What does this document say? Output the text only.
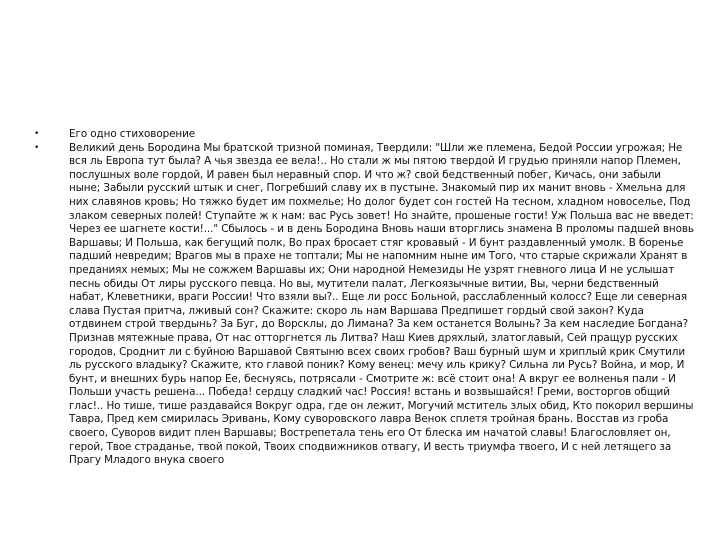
•	Его одно стиховорение
•	Великий день Бородина Мы братской тризной поминая, Твердили: "Шли же племена, Бедой России угрожая; Не вся ль Европа тут была? А чья звезда ее вела!.. Но стали ж мы пятою твердой И грудью приняли напор Племен, послушных воле гордой, И равен был неравный спор. И что ж? свой бедственный побег, Кичась, они забыли ныне; Забыли русский штык и снег, Погребший славу их в пустыне. Знакомый пир их манит вновь - Хмельна для них славянов кровь; Но тяжко будет им похмелье; Но долог будет сон гостей На тесном, хладном новоселье, Под злаком северных полей! Ступайте ж к нам: вас Русь зовет! Но знайте, прошеные гости! Уж Польша вас не введет: Через ее шагнете кости!..." Сбылось - и в день Бородина Вновь наши вторглись знамена В проломы падшей вновь Варшавы; И Польша, как бегущий полк, Во прах бросает стяг кровавый - И бунт раздавленный умолк. В боренье падший невредим; Врагов мы в прахе не топтали; Мы не напомним ныне им Того, что старые скрижали Хранят в преданиях немых; Мы не сожжем Варшавы их; Они народной Немезиды Не узрят гневного лица И не услышат песнь обиды От лиры русского певца. Но вы, мутители палат, Легкоязычные витии, Вы, черни бедственный набат, Клеветники, враги России! Что взяли вы?.. Еще ли росс Больной, расслабленный колосс? Еще ли северная слава Пустая притча, лживый сон? Скажите: скоро ль нам Варшава Предпишет гордый свой закон? Куда отдвинем строй твердынь? За Буг, до Ворсклы, до Лимана? За кем останется Волынь? За кем наследие Богдана? Признав мятежные права, От нас отторгнется ль Литва? Наш Киев дряхлый, златоглавый, Сей пращур русских городов, Сроднит ли с буйною Варшавой Святыню всех своих гробов? Ваш бурный шум и хриплый крик Смутили ль русского владыку? Скажите, кто главой поник? Кому венец: мечу иль крику? Сильна ли Русь? Война, и мор, И бунт, и внешних бурь напор Ее, беснуясь, потрясали - Смотрите ж: всё стоит она! А вкруг ее волненья пали - И Польши участь решена... Победа! сердцу сладкий час! Россия! встань и возвышайся! Греми, восторгов общий глас!.. Но тише, тише раздавайся Вокруг одра, где он лежит, Могучий мститель злых обид, Кто покорил вершины Тавра, Пред кем смирилась Эривань, Кому суворовского лавра Венок сплетя тройная брань. Восстав из гроба своего, Суворов видит плен Варшавы; Вострепетала тень его От блеска им начатой славы! Благословляет он, герой, Твое страданье, твой покой, Твоих сподвижников отвагу, И весть триумфа твоего, И с ней летящего за Прагу Младого внука своего
